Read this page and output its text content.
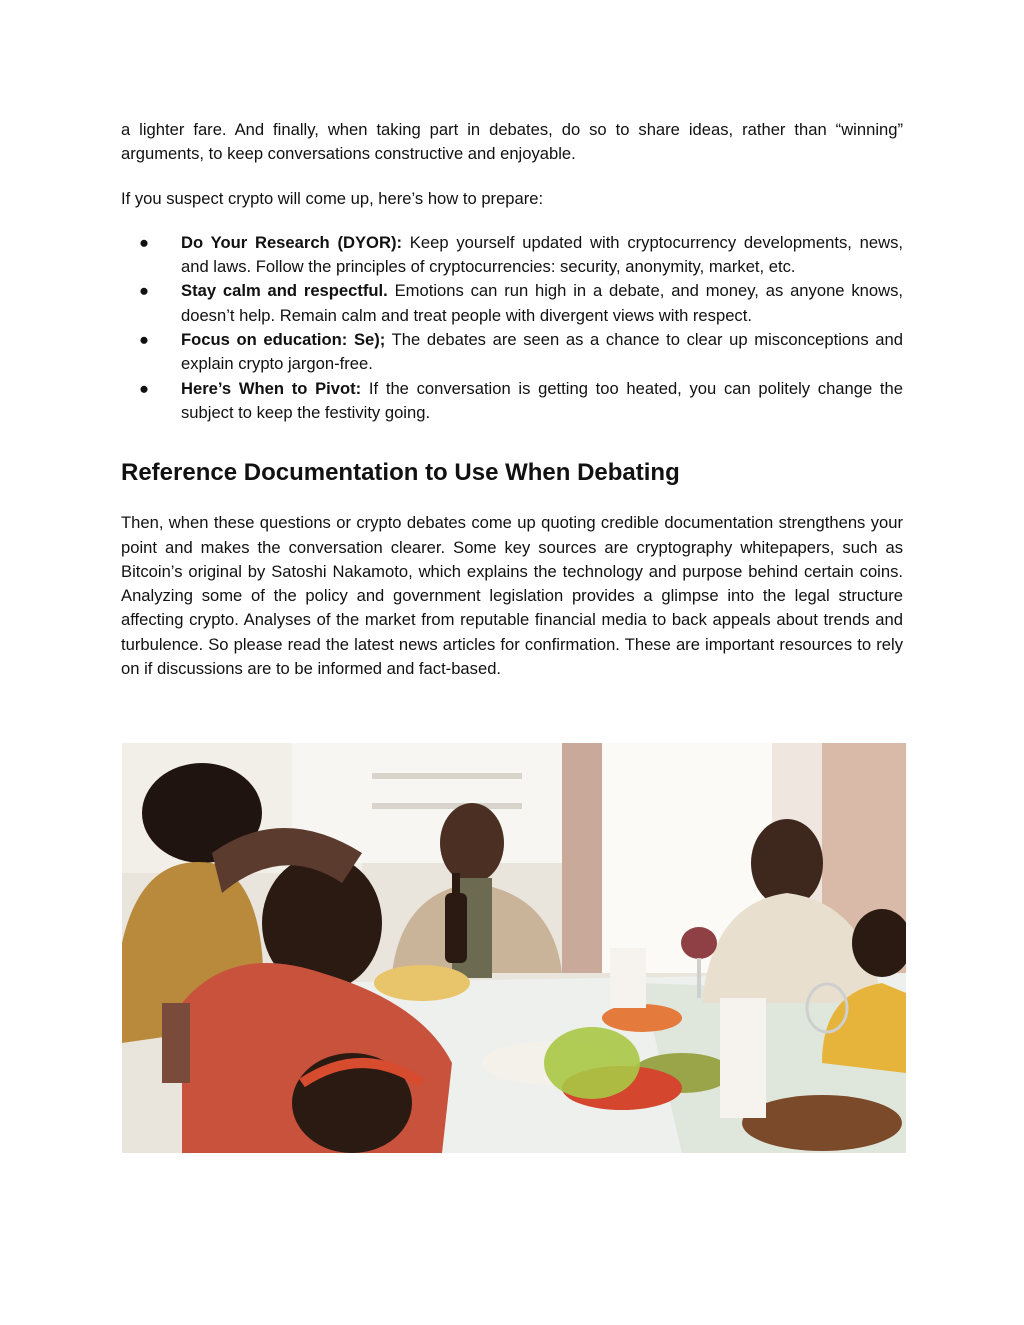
a lighter fare. And finally, when taking part in debates, do so to share ideas, rather than “winning” arguments, to keep conversations constructive and enjoyable.

If you suspect crypto will come up, here’s how to prepare:

● Do Your Research (DYOR): Keep yourself updated with cryptocurrency developments, news, and laws. Follow the principles of cryptocurrencies: security, anonymity, market, etc.
● Stay calm and respectful. Emotions can run high in a debate, and money, as anyone knows, doesn’t help. Remain calm and treat people with divergent views with respect.
● Focus on education: Se); The debates are seen as a chance to clear up misconceptions and explain crypto jargon-free.
● Here’s When to Pivot: If the conversation is getting too heated, you can politely change the subject to keep the festivity going.
Reference Documentation to Use When Debating

Then, when these questions or crypto debates come up quoting credible documentation strengthens your point and makes the conversation clearer. Some key sources are cryptography whitepapers, such as Bitcoin’s original by Satoshi Nakamoto, which explains the technology and purpose behind certain coins. Analyzing some of the policy and government legislation provides a glimpse into the legal structure affecting crypto. Analyses of the market from reputable financial media to back appeals about trends and turbulence. So please read the latest news articles for confirmation. These are important resources to rely on if discussions are to be informed and fact-based.
